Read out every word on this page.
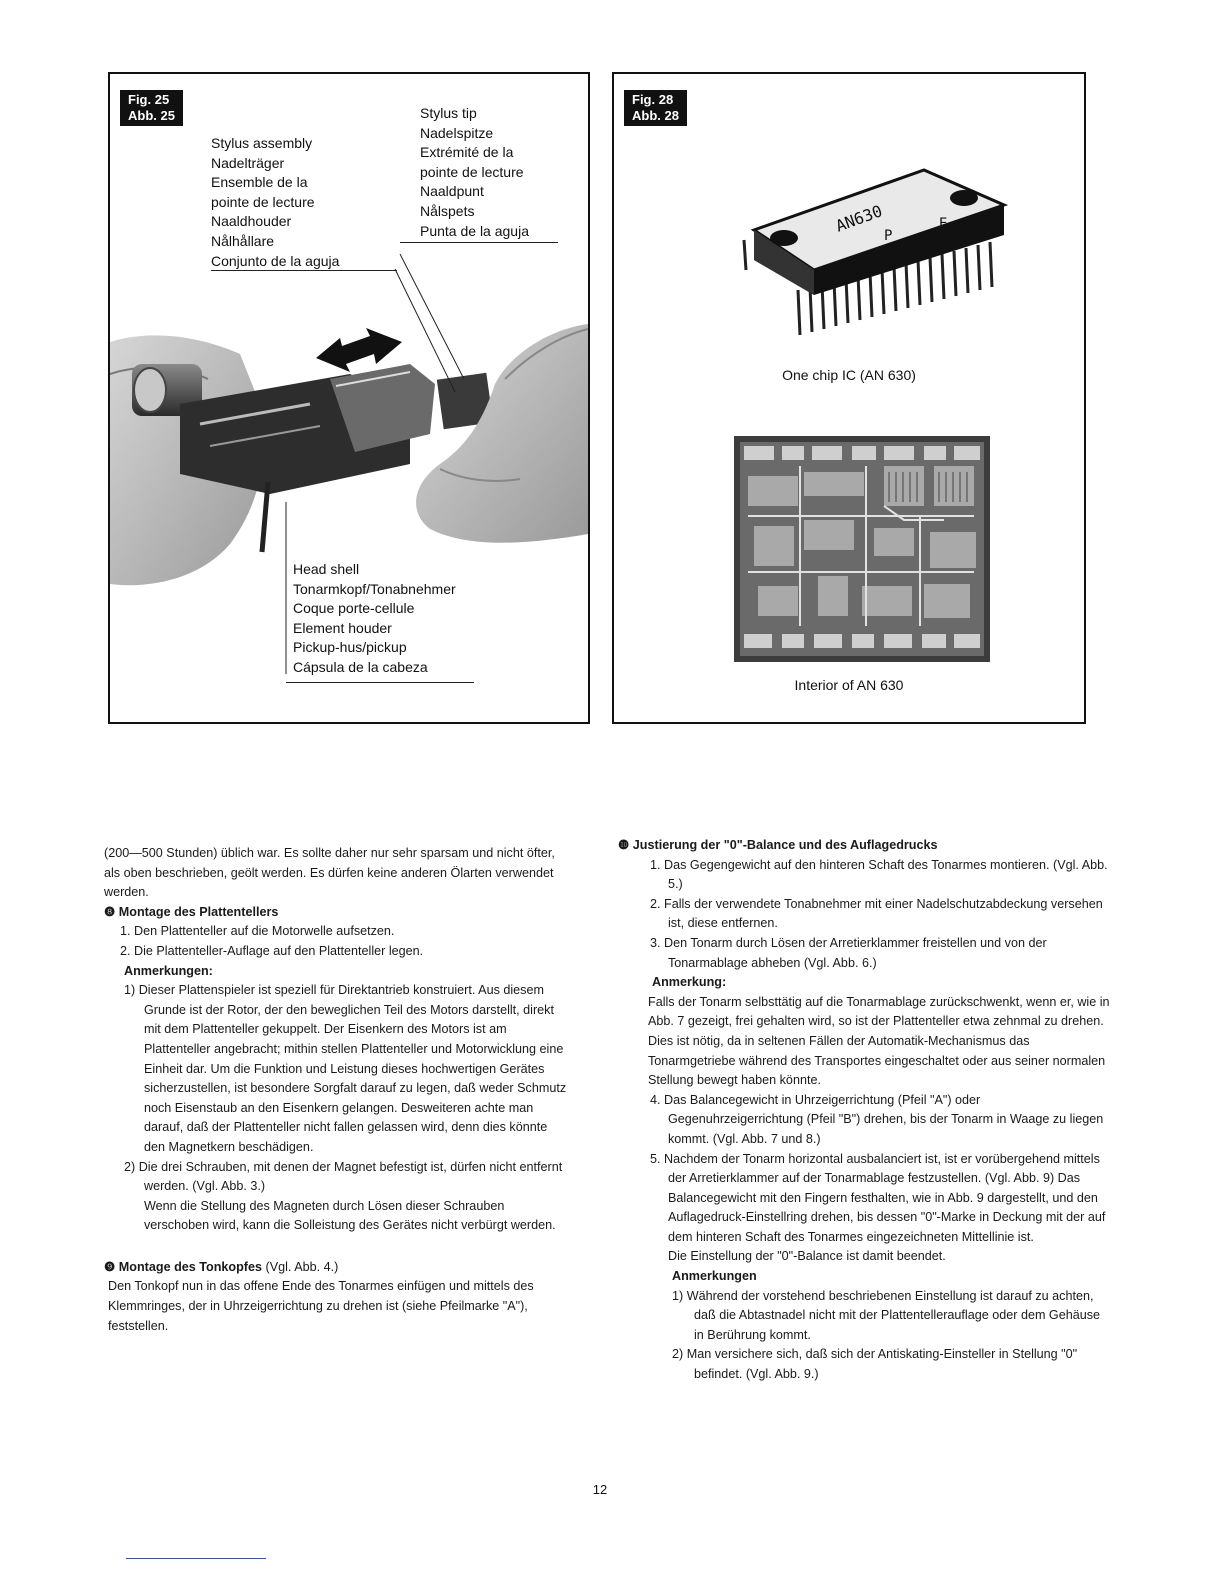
Fig. 25
Abb. 25
Stylus assembly
Nadelträger
Ensemble de la
pointe de lecture
Naaldhouder
Nålhållare
Conjunto de la aguja
Stylus tip
Nadelspitze
Extrémité de la
pointe de lecture
Naaldpunt
Nålspets
Punta de la aguja
Head shell
Tonarmkopf/Tonabnehmer
Coque porte-cellule
Element houder
Pickup-hus/pickup
Cápsula de la cabeza
Fig. 28
Abb. 28
AN630
P
A
E
One chip IC (AN 630)
Interior of AN 630

(200—500 Stunden) üblich war. Es sollte daher nur sehr sparsam und nicht öfter, als oben beschrieben, geölt werden. Es dürfen keine anderen Ölarten verwendet werden.

❽ Montage des Plattentellers

1. Den Plattenteller auf die Motorwelle aufsetzen.

2. Die Plattenteller-Auflage auf den Plattenteller legen.

Anmerkungen:

1) Dieser Plattenspieler ist speziell für Direktantrieb konstruiert. Aus diesem Grunde ist der Rotor, der den beweglichen Teil des Motors darstellt, direkt mit dem Plattenteller gekuppelt. Der Eisenkern des Motors ist am Plattenteller angebracht; mithin stellen Plattenteller und Motorwicklung eine Einheit dar. Um die Funktion und Leistung dieses hochwertigen Gerätes sicherzustellen, ist besondere Sorgfalt darauf zu legen, daß weder Schmutz noch Eisenstaub an den Eisenkern gelangen. Desweiteren achte man darauf, daß der Plattenteller nicht fallen gelassen wird, denn dies könnte den Magnetkern beschädigen.

2) Die drei Schrauben, mit denen der Magnet befestigt ist, dürfen nicht entfernt werden. (Vgl. Abb. 3.)

Wenn die Stellung des Magneten durch Lösen dieser Schrauben verschoben wird, kann die Solleistung des Gerätes nicht verbürgt werden.

❾ Montage des Tonkopfes (Vgl. Abb. 4.)

Den Tonkopf nun in das offene Ende des Tonarmes einfügen und mittels des Klemmringes, der in Uhrzeigerrichtung zu drehen ist (siehe Pfeilmarke "A"), feststellen.

❿ Justierung der "0"-Balance und des Auflagedrucks

1. Das Gegengewicht auf den hinteren Schaft des Tonarmes montieren. (Vgl. Abb. 5.)

2. Falls der verwendete Tonabnehmer mit einer Nadelschutzabdeckung versehen ist, diese entfernen.

3. Den Tonarm durch Lösen der Arretierklammer freistellen und von der Tonarmablage abheben (Vgl. Abb. 6.)

Anmerkung:

Falls der Tonarm selbsttätig auf die Tonarmablage zurückschwenkt, wenn er, wie in Abb. 7 gezeigt, frei gehalten wird, so ist der Plattenteller etwa zehnmal zu drehen. Dies ist nötig, da in seltenen Fällen der Automatik-Mechanismus das Tonarmgetriebe während des Transportes eingeschaltet oder aus seiner normalen Stellung bewegt haben könnte.

4. Das Balancegewicht in Uhrzeigerrichtung (Pfeil "A") oder Gegenuhrzeigerrichtung (Pfeil "B") drehen, bis der Tonarm in Waage zu liegen kommt. (Vgl. Abb. 7 und 8.)

5. Nachdem der Tonarm horizontal ausbalanciert ist, ist er vorübergehend mittels der Arretierklammer auf der Tonarmablage festzustellen. (Vgl. Abb. 9) Das Balancegewicht mit den Fingern festhalten, wie in Abb. 9 dargestellt, und den Auflagedruck-Einstellring drehen, bis dessen "0"-Marke in Deckung mit der auf dem hinteren Schaft des Tonarmes eingezeichneten Mittellinie ist.

Die Einstellung der "0"-Balance ist damit beendet.

Anmerkungen

1) Während der vorstehend beschriebenen Einstellung ist darauf zu achten, daß die Abtastnadel nicht mit der Plattentellerauflage oder dem Gehäuse in Berührung kommt.

2) Man versichere sich, daß sich der Antiskating-Einsteller in Stellung "0" befindet. (Vgl. Abb. 9.)

12
